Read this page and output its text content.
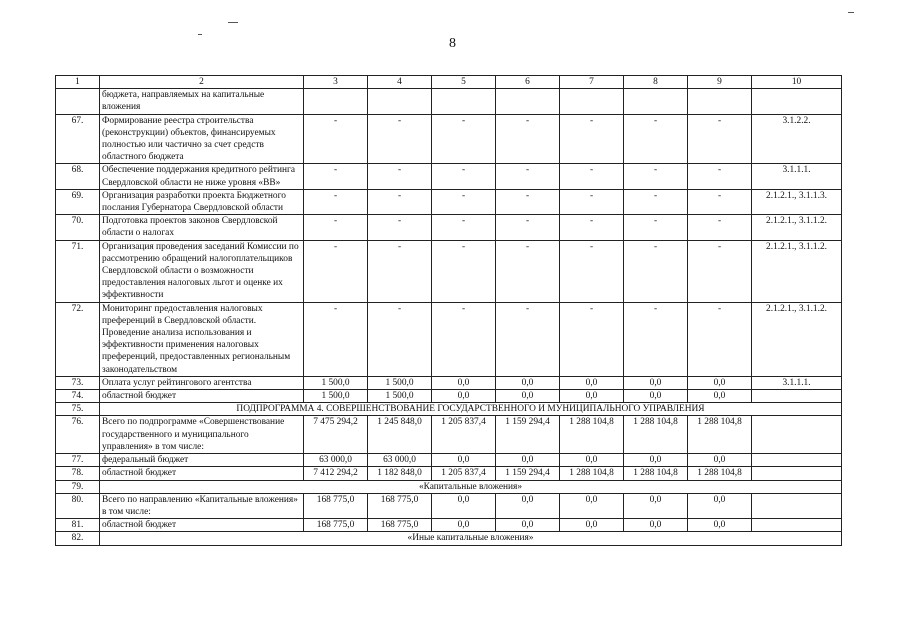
8
1	2	3	4	5	6	7	8	9	10
	бюджета, направляемых на капитальные вложения								
67.	Формирование реестра строительства (реконструкции) объектов, финансируемых полностью или частично за счет средств областного бюджета	-	-	-	-	-	-	-	3.1.2.2.
68.	Обеспечение поддержания кредитного рейтинга Свердловской области не ниже уровня «ВВ»	-	-	-	-	-	-	-	3.1.1.1.
69.	Организация разработки проекта Бюджетного послания Губернатора Свердловской области	-	-	-	-	-	-	-	2.1.2.1., 3.1.1.3.
70.	Подготовка проектов законов Свердловской области о налогах	-	-	-	-	-	-	-	2.1.2.1., 3.1.1.2.
71.	Организация проведения заседаний Комиссии по рассмотрению обращений налогоплательщиков Свердловской области о возможности предоставления налоговых льгот и оценке их эффективности	-	-	-	-	-	-	-	2.1.2.1., 3.1.1.2.
72.	Мониторинг предоставления налоговых преференций в Свердловской области. Проведение анализа использования и эффективности применения налоговых преференций, предоставленных региональным законодательством	-	-	-	-	-	-	-	2.1.2.1., 3.1.1.2.
73.	Оплата услуг рейтингового агентства	1 500,0	1 500,0	0,0	0,0	0,0	0,0	0,0	3.1.1.1.
74.	областной бюджет	1 500,0	1 500,0	0,0	0,0	0,0	0,0	0,0	
75.	ПОДПРОГРАММА 4. СОВЕРШЕНСТВОВАНИЕ ГОСУДАРСТВЕННОГО И МУНИЦИПАЛЬНОГО УПРАВЛЕНИЯ								
76.	Всего по подпрограмме «Совершенствование государственного и муниципального управления» в том числе:	7 475 294,2	1 245 848,0	1 205 837,4	1 159 294,4	1 288 104,8	1 288 104,8	1 288 104,8	
77.	федеральный бюджет	63 000,0	63 000,0	0,0	0,0	0,0	0,0	0,0	
78.	областной бюджет	7 412 294,2	1 182 848,0	1 205 837,4	1 159 294,4	1 288 104,8	1 288 104,8	1 288 104,8	
79.	«Капитальные вложения»								
80.	Всего по направлению «Капитальные вложения» в том числе:	168 775,0	168 775,0	0,0	0,0	0,0	0,0	0,0	
81.	областной бюджет	168 775,0	168 775,0	0,0	0,0	0,0	0,0	0,0	
82.	«Иные капитальные вложения»								
